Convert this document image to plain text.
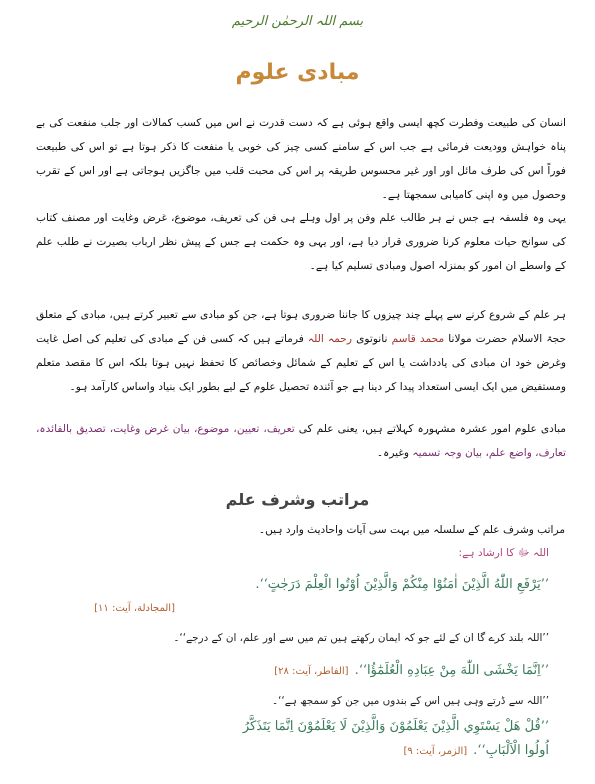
بسم اللہ الرحمٰن الرحیم
مبادی علوم

انسان کی طبیعت وفطرت کچھ ایسی واقع ہوئی ہے کہ دست قدرت نے اس میں کسب کمالات اور جلب منفعت کی بے پناہ خواہش وودیعت فرمائی ہے جب اس کے سامنے کسی چیز کی خوبی یا منفعت کا ذکر ہوتا ہے تو اس کی طبیعت فوراً اس کی طرف مائل اور اور غیر محسوس طریقہ پر اس کی محبت قلب میں جاگزیں ہوجاتی ہے اور اس کے تقرب وحصول میں وہ اپنی کامیابی سمجھتا ہے۔

یہی وہ فلسفہ ہے جس نے ہر طالب علم وفن پر اول وہلے ہی فن کی تعریف، موضوع، غرض وغایت اور مصنف کتاب کی سوانح حیات معلوم کرنا ضروری قرار دیا ہے، اور یہی وہ حکمت ہے جس کے پیش نظر ارباب بصیرت نے طلب علم کے واسطے ان امور کو بمنزلہ اصول ومبادی تسلیم کیا ہے۔

ہر علم کے شروع کرنے سے پہلے چند چیزوں کا جاننا ضروری ہوتا ہے، جن کو مبادی سے تعبیر کرتے ہیں، مبادی کے متعلق حجۃ الاسلام حضرت مولانا محمد قاسم نانوتوی رحمہ اللہ فرماتے ہیں کہ کسی فن کے مبادی کی تعلیم کی اصل غایت وغرض خود ان مبادی کی یادداشت یا اس کے تعلیم کے شمائل وخصائص کا تحفظ نہیں ہوتا بلکہ اس کا مقصد متعلم ومستفیض میں ایک ایسی استعداد پیدا کر دینا ہے جو آئندہ تحصیل علوم کے لیے بطور ایک بنیاد واساس کارآمد ہو۔

مبادی علوم امور عشرہ مشہورہ کہلاتے ہیں، یعنی علم کی تعریف، تعیین، موضوع، بیان غرض وغایت، تصدیق بالفائدہ، تعارف، واضع علم، بیان وجہ تسمیہ وغیرہ۔

مراتب وشرف علم
مراتب وشرف علم کے سلسلہ میں بہت سی آیات واحادیث وارد ہیں۔
اللہ ﷻ کا ارشاد ہے:
’’يَرْفَعِ اللّٰهُ الَّذِيْنَ اٰمَنُوْا مِنْكُمْ وَالَّذِيْنَ اُوْتُوا الْعِلْمَ دَرَجٰتٍ‘‘.
[المجادلة، آیت: ۱۱]
’’اللہ بلند کرے گا ان کے لئے جو کہ ایمان رکھتے ہیں تم میں سے اور علم، ان کے درجے‘‘۔
’’اِنَّمَا يَخْشَى اللّٰهَ مِنْ عِبَادِهِ الْعُلَمٰٓؤُا‘‘.[الفاطر، آیت: ۲۸]
’’اللہ سے ڈرتے وہی ہیں اس کے بندوں میں جن کو سمجھ ہے‘‘۔
’’قُلْ هَلْ يَسْتَوِي الَّذِيْنَ يَعْلَمُوْنَ وَالَّذِيْنَ لَا يَعْلَمُوْنَ اِنَّمَا يَتَذَكَّرُ
اُولُوا الْاَلْبَابِ‘‘.[الزمر، آیت: ۹]
